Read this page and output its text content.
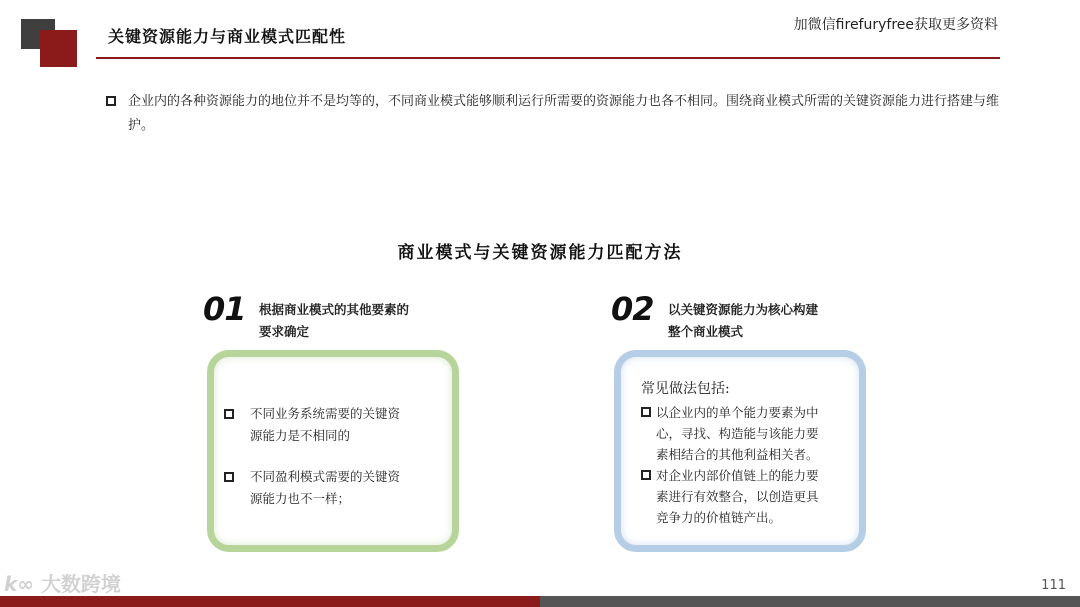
关键资源能力与商业模式匹配性
加微信firefuryfree获取更多资料
企业内的各种资源能力的地位并不是均等的，不同商业模式能够顺利运行所需要的资源能力也各不相同。围绕商业模式所需的关键资源能力进行搭建与维护。
商业模式与关键资源能力匹配方法
01 根据商业模式的其他要素的
要求确定
不同业务系统需要的关键资
源能力是不相同的
不同盈利模式需要的关键资
源能力也不一样；
02 以关键资源能力为核心构建
整个商业模式
常见做法包括:
以企业内的单个能力要素为中
心，寻找、构造能与该能力要
素相结合的其他利益相关者。
对企业内部价值链上的能力要
素进行有效整合，以创造更具
竞争力的价植链产出。
k∞ 大数跨境	111
